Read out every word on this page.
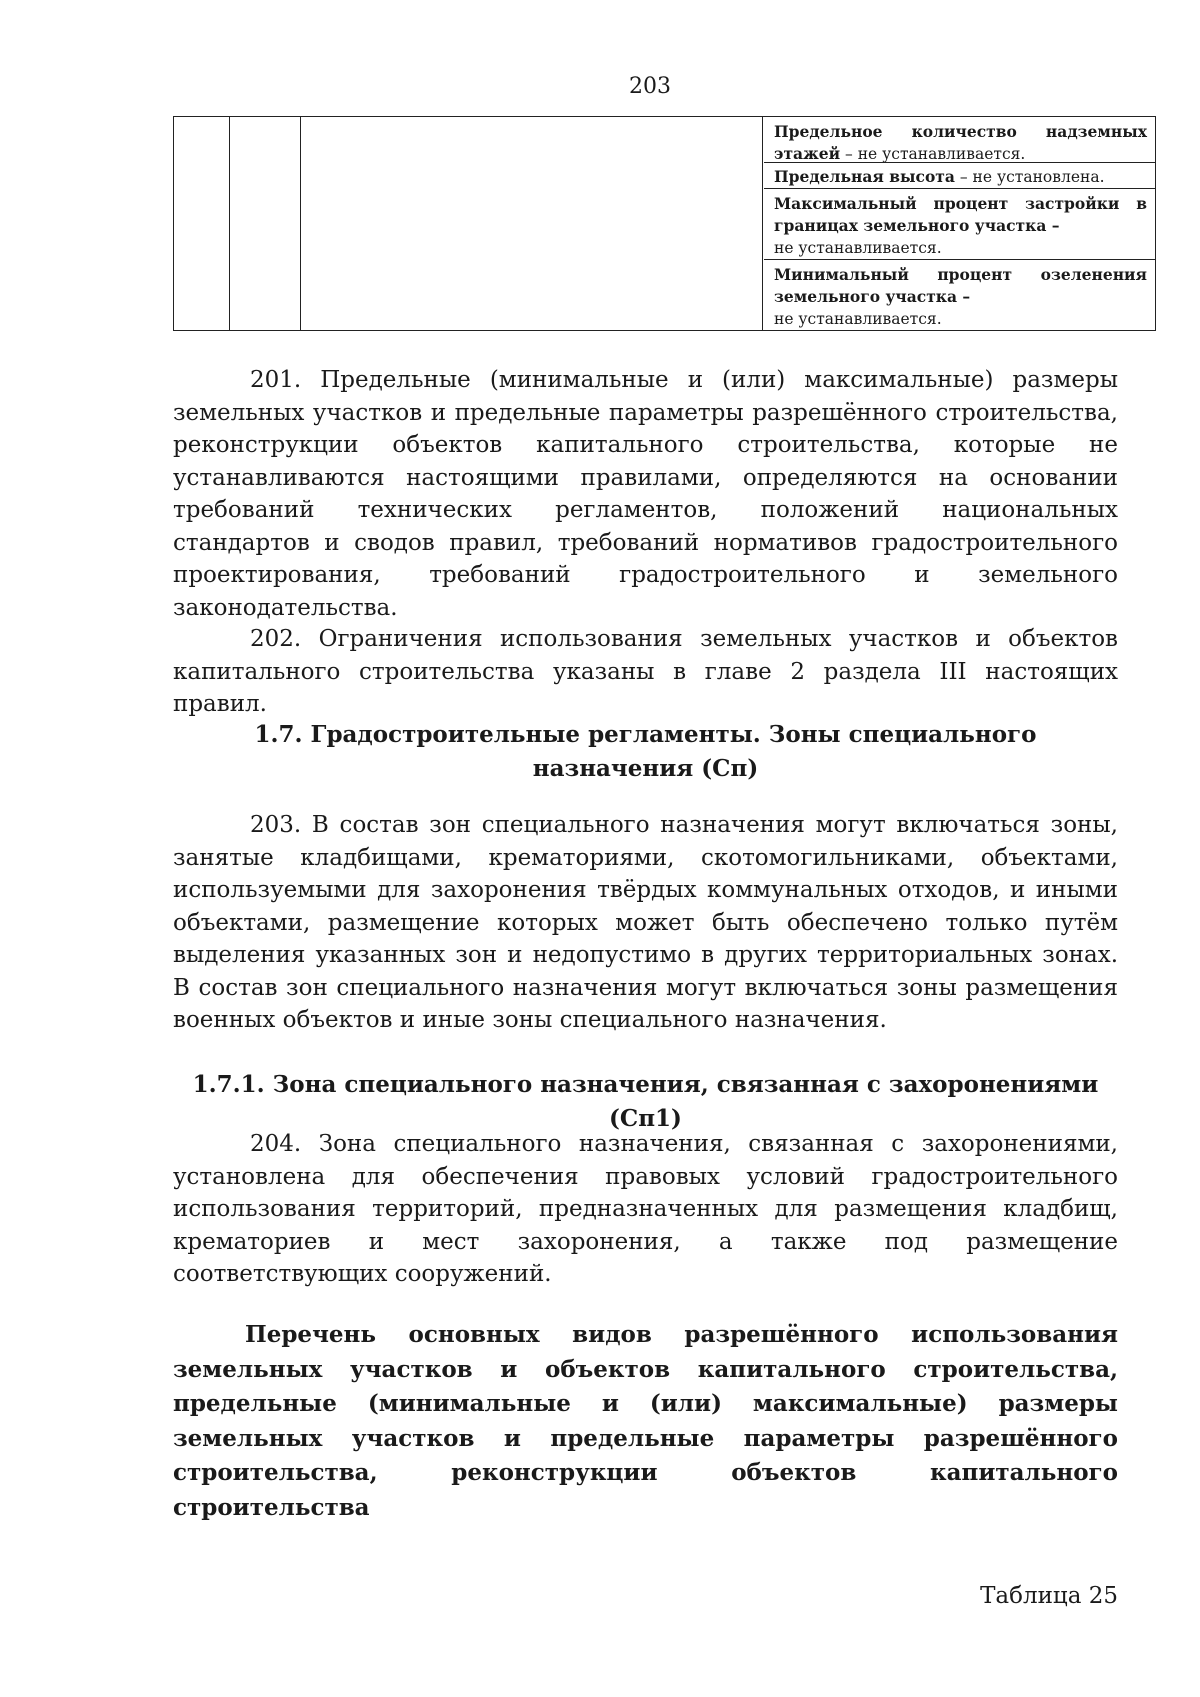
203
Предельное количество надземных этажей – не устанавливается.
Предельная высота – не установлена.
Максимальный процент застройки в границах земельного участка –
не устанавливается.
Минимальный процент озеленения земельного участка –
не устанавливается.

201. Предельные (минимальные и (или) максимальные) размеры земельных участков и предельные параметры разрешённого строительства, реконструкции объектов капитального строительства, которые не устанавливаются настоящими правилами, определяются на основании требований технических регламентов, положений национальных стандартов и сводов правил, требований нормативов градостроительного проектирования, требований градостроительного и земельного законодательства.

202. Ограничения использования земельных участков и объектов капитального строительства указаны в главе 2 раздела III настоящих правил.

1.7. Градостроительные регламенты. Зоны специального назначения (Сп)

203. В состав зон специального назначения могут включаться зоны, занятые кладбищами, крематориями, скотомогильниками, объектами, используемыми для захоронения твёрдых коммунальных отходов, и иными объектами, размещение которых может быть обеспечено только путём выделения указанных зон и недопустимо в других территориальных зонах. В состав зон специального назначения могут включаться зоны размещения военных объектов и иные зоны специального назначения.

1.7.1. Зона специального назначения, связанная с захоронениями (Сп1)

204. Зона специального назначения, связанная с захоронениями, установлена для обеспечения правовых условий градостроительного использования территорий, предназначенных для размещения кладбищ, крематориев и мест захоронения, а также под размещение соответствующих сооружений.

Перечень основных видов разрешённого использования земельных участков и объектов капитального строительства, предельные (минимальные и (или) максимальные) размеры земельных участков и предельные параметры разрешённого строительства, реконструкции объектов капитального строительства

Таблица 25
